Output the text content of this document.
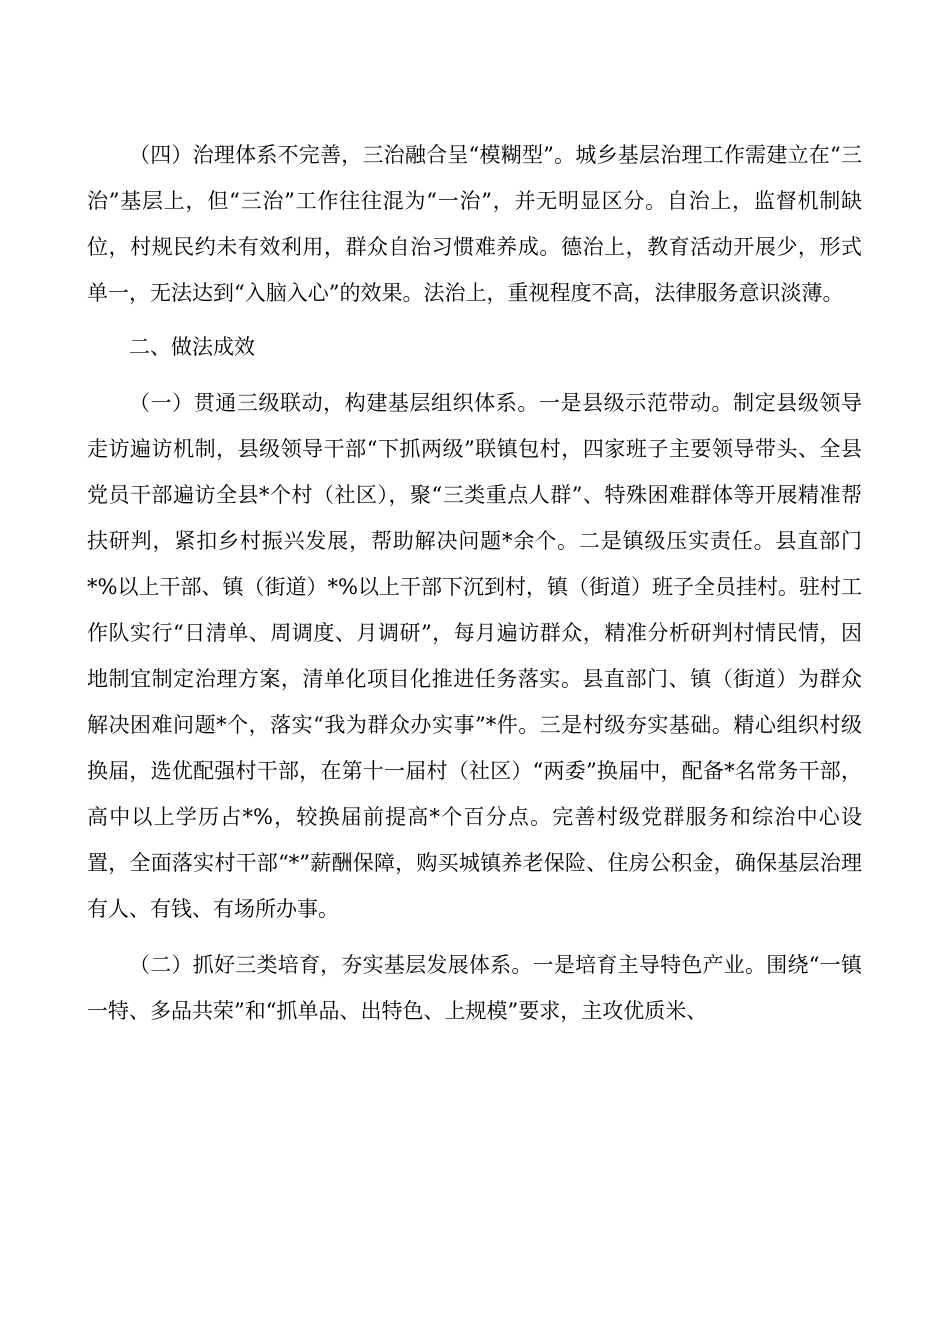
（四）治理体系不完善，三治融合呈“模糊型”。城乡基层治理工作需建立在“三治”基层上，但“三治”工作往往混为“一治”，并无明显区分。自治上，监督机制缺位，村规民约未有效利用，群众自治习惯难养成。德治上，教育活动开展少，形式单一，无法达到“入脑入心”的效果。法治上，重视程度不高，法律服务意识淡薄。

二、做法成效

（一）贯通三级联动，构建基层组织体系。一是县级示范带动。制定县级领导走访遍访机制，县级领导干部“下抓两级”联镇包村，四家班子主要领导带头、全县党员干部遍访全县*个村（社区），聚“三类重点人群”、特殊困难群体等开展精准帮扶研判，紧扣乡村振兴发展，帮助解决问题*余个。二是镇级压实责任。县直部门*%以上干部、镇（街道）*%以上干部下沉到村，镇（街道）班子全员挂村。驻村工作队实行“日清单、周调度、月调研”，每月遍访群众，精准分析研判村情民情，因地制宜制定治理方案，清单化项目化推进任务落实。县直部门、镇（街道）为群众解决困难问题*个，落实“我为群众办实事”*件。三是村级夯实基础。精心组织村级换届，选优配强村干部，在第十一届村（社区）“两委”换届中，配备*名常务干部，高中以上学历占*%，较换届前提高*个百分点。完善村级党群服务和综治中心设置，全面落实村干部“*”薪酬保障，购买城镇养老保险、住房公积金，确保基层治理有人、有钱、有场所办事。

（二）抓好三类培育，夯实基层发展体系。一是培育主导特色产业。围绕“一镇一特、多品共荣”和“抓单品、出特色、上规模”要求，主攻优质米、
